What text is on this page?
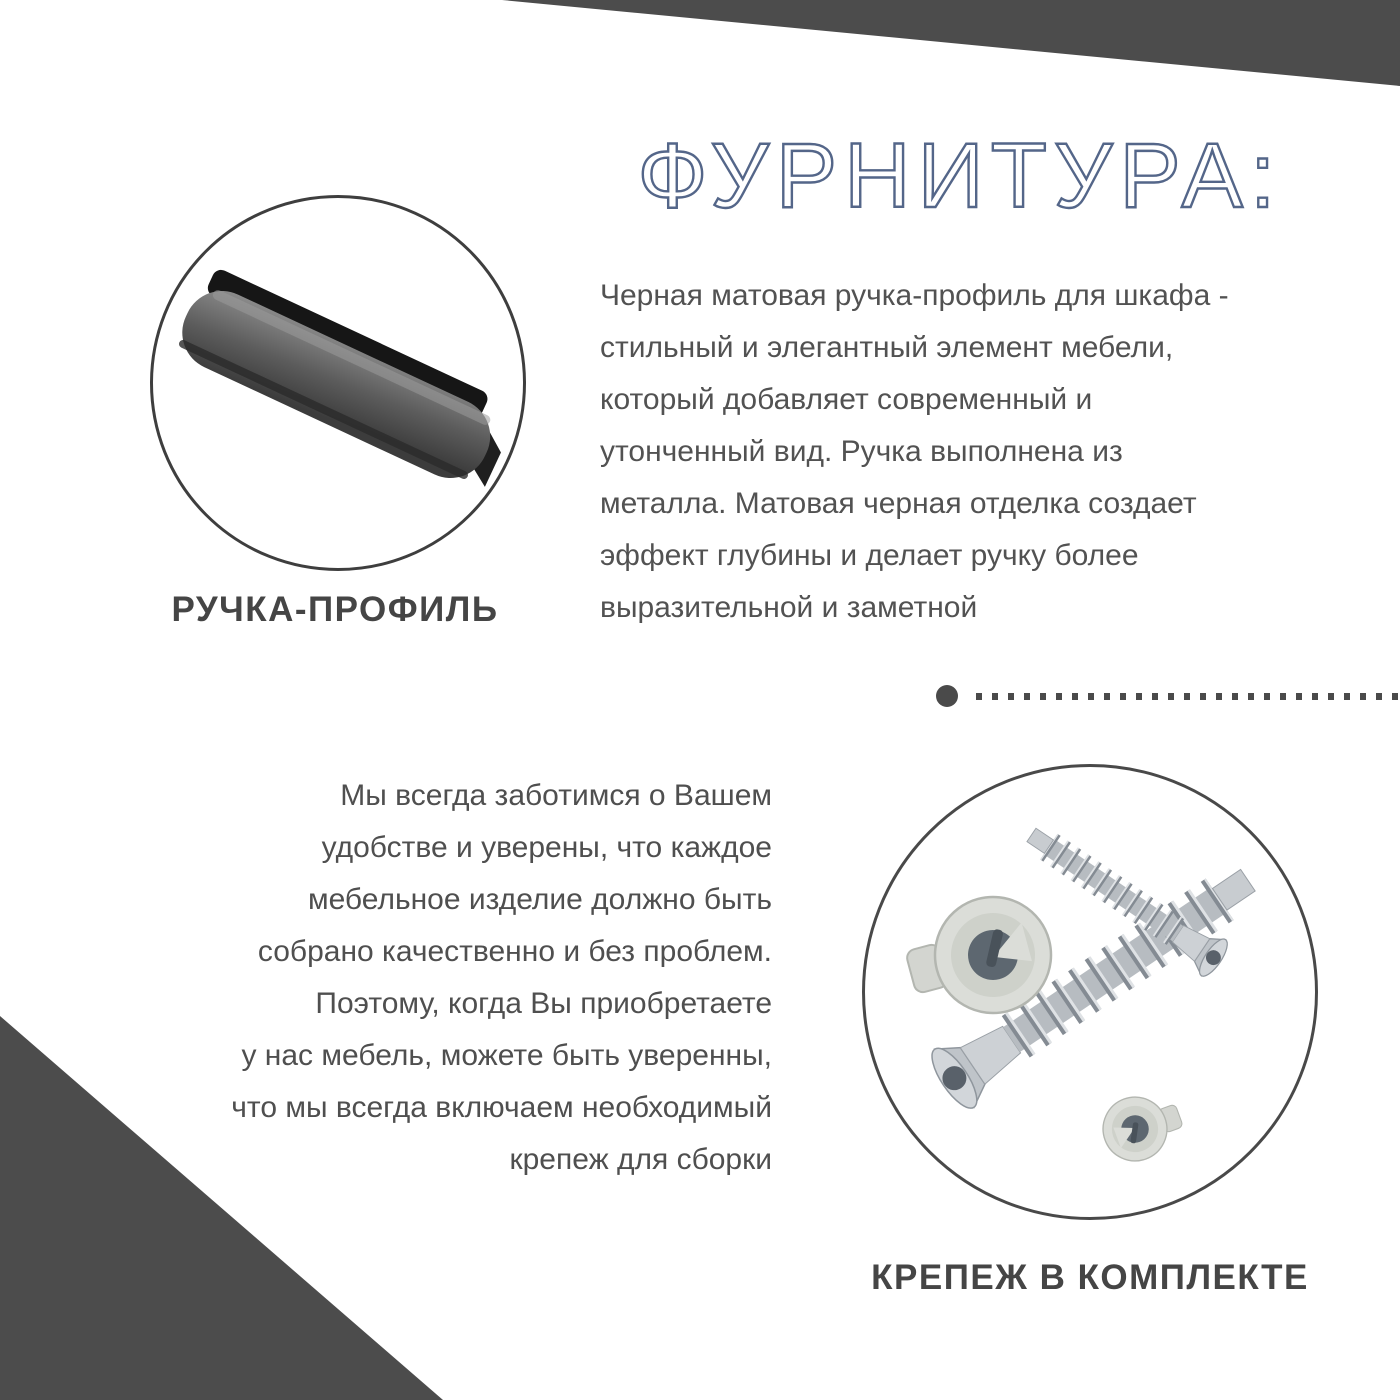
ФУРНИТУРА:
РУЧКА-ПРОФИЛЬ
Черная матовая ручка-профиль для шкафа -
стильный и элегантный элемент мебели,
который добавляет современный и
утонченный вид. Ручка выполнена из
металла. Матовая черная отделка создает
эффект глубины и делает ручку более
выразительной и заметной
Мы всегда заботимся о Вашем
удобстве и уверены, что каждое
мебельное изделие должно быть
собрано качественно и без проблем.
Поэтому, когда Вы приобретаете
у нас мебель, можете быть уверенны,
что мы всегда включаем необходимый
крепеж для сборки
КРЕПЕЖ В КОМПЛЕКТЕ
